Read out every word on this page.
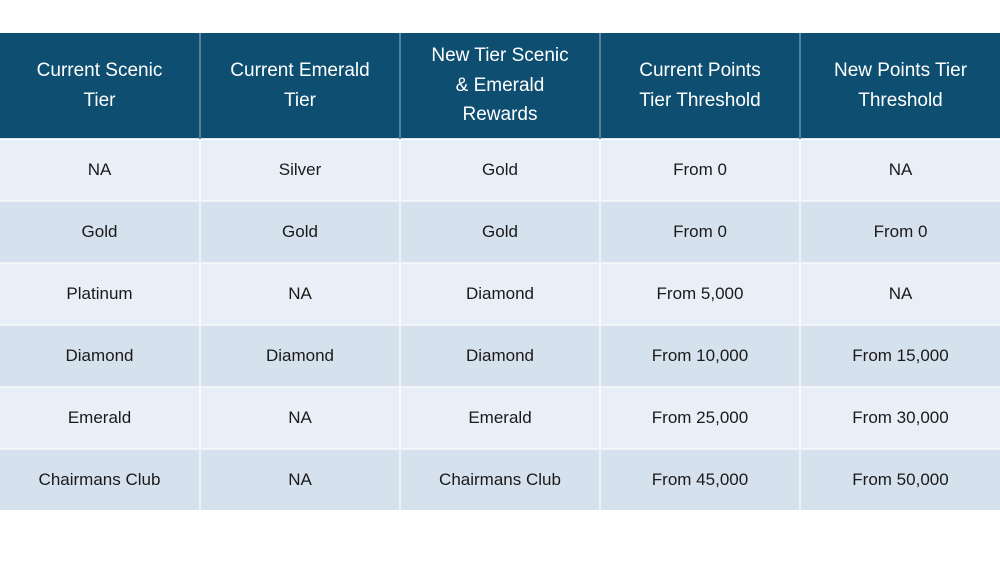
Current Scenic Tier	Current Emerald Tier	New Tier Scenic & Emerald Rewards	Current Points Tier Threshold	New Points Tier Threshold
NA	Silver	Gold	From 0	NA
Gold	Gold	Gold	From 0	From 0
Platinum	NA	Diamond	From 5,000	NA
Diamond	Diamond	Diamond	From 10,000	From 15,000
Emerald	NA	Emerald	From 25,000	From 30,000
Chairmans Club	NA	Chairmans Club	From 45,000	From 50,000
